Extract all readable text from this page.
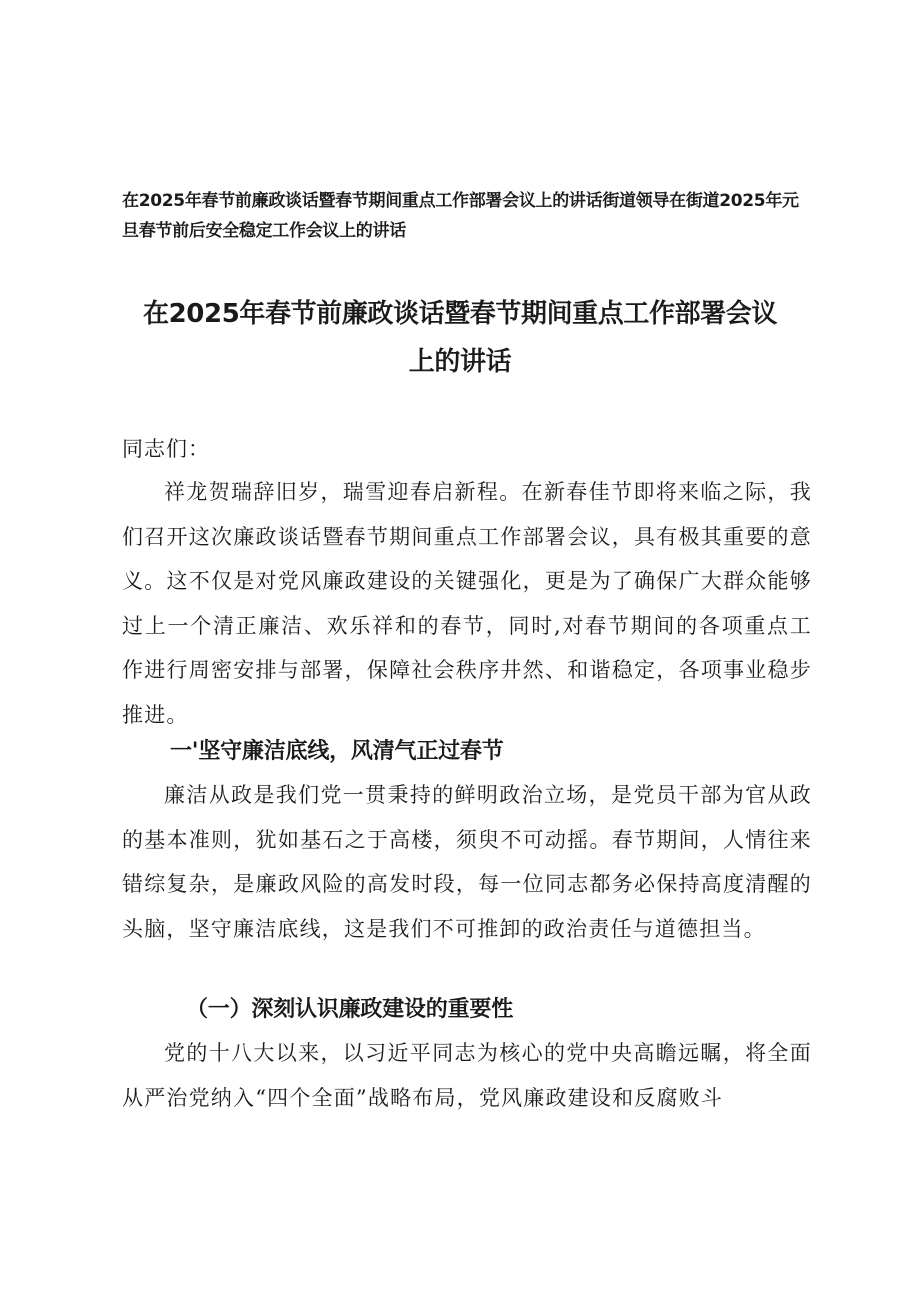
在2025年春节前廉政谈话暨春节期间重点工作部署会议上的讲话街道领导在街道2025年元旦春节前后安全稳定工作会议上的讲话
在2025年春节前廉政谈话暨春节期间重点工作部署会议
上的讲话

同志们：

祥龙贺瑞辞旧岁，瑞雪迎春启新程。在新春佳节即将来临之际，我们召开这次廉政谈话暨春节期间重点工作部署会议，具有极其重要的意义。这不仅是对党风廉政建设的关键强化，更是为了确保广大群众能够过上一个清正廉洁、欢乐祥和的春节，同时,对春节期间的各项重点工作进行周密安排与部署，保障社会秩序井然、和谐稳定，各项事业稳步推进。

一'坚守廉洁底线，风清气正过春节

廉洁从政是我们党一贯秉持的鲜明政治立场，是党员干部为官从政的基本准则，犹如基石之于高楼，须臾不可动摇。春节期间，人情往来错综复杂，是廉政风险的高发时段，每一位同志都务必保持高度清醒的头脑，坚守廉洁底线，这是我们不可推卸的政治责任与道德担当。

（一）深刻认识廉政建设的重要性

党的十八大以来，以习近平同志为核心的党中央高瞻远瞩，将全面从严治党纳入“四个全面”战略布局，党风廉政建设和反腐败斗
